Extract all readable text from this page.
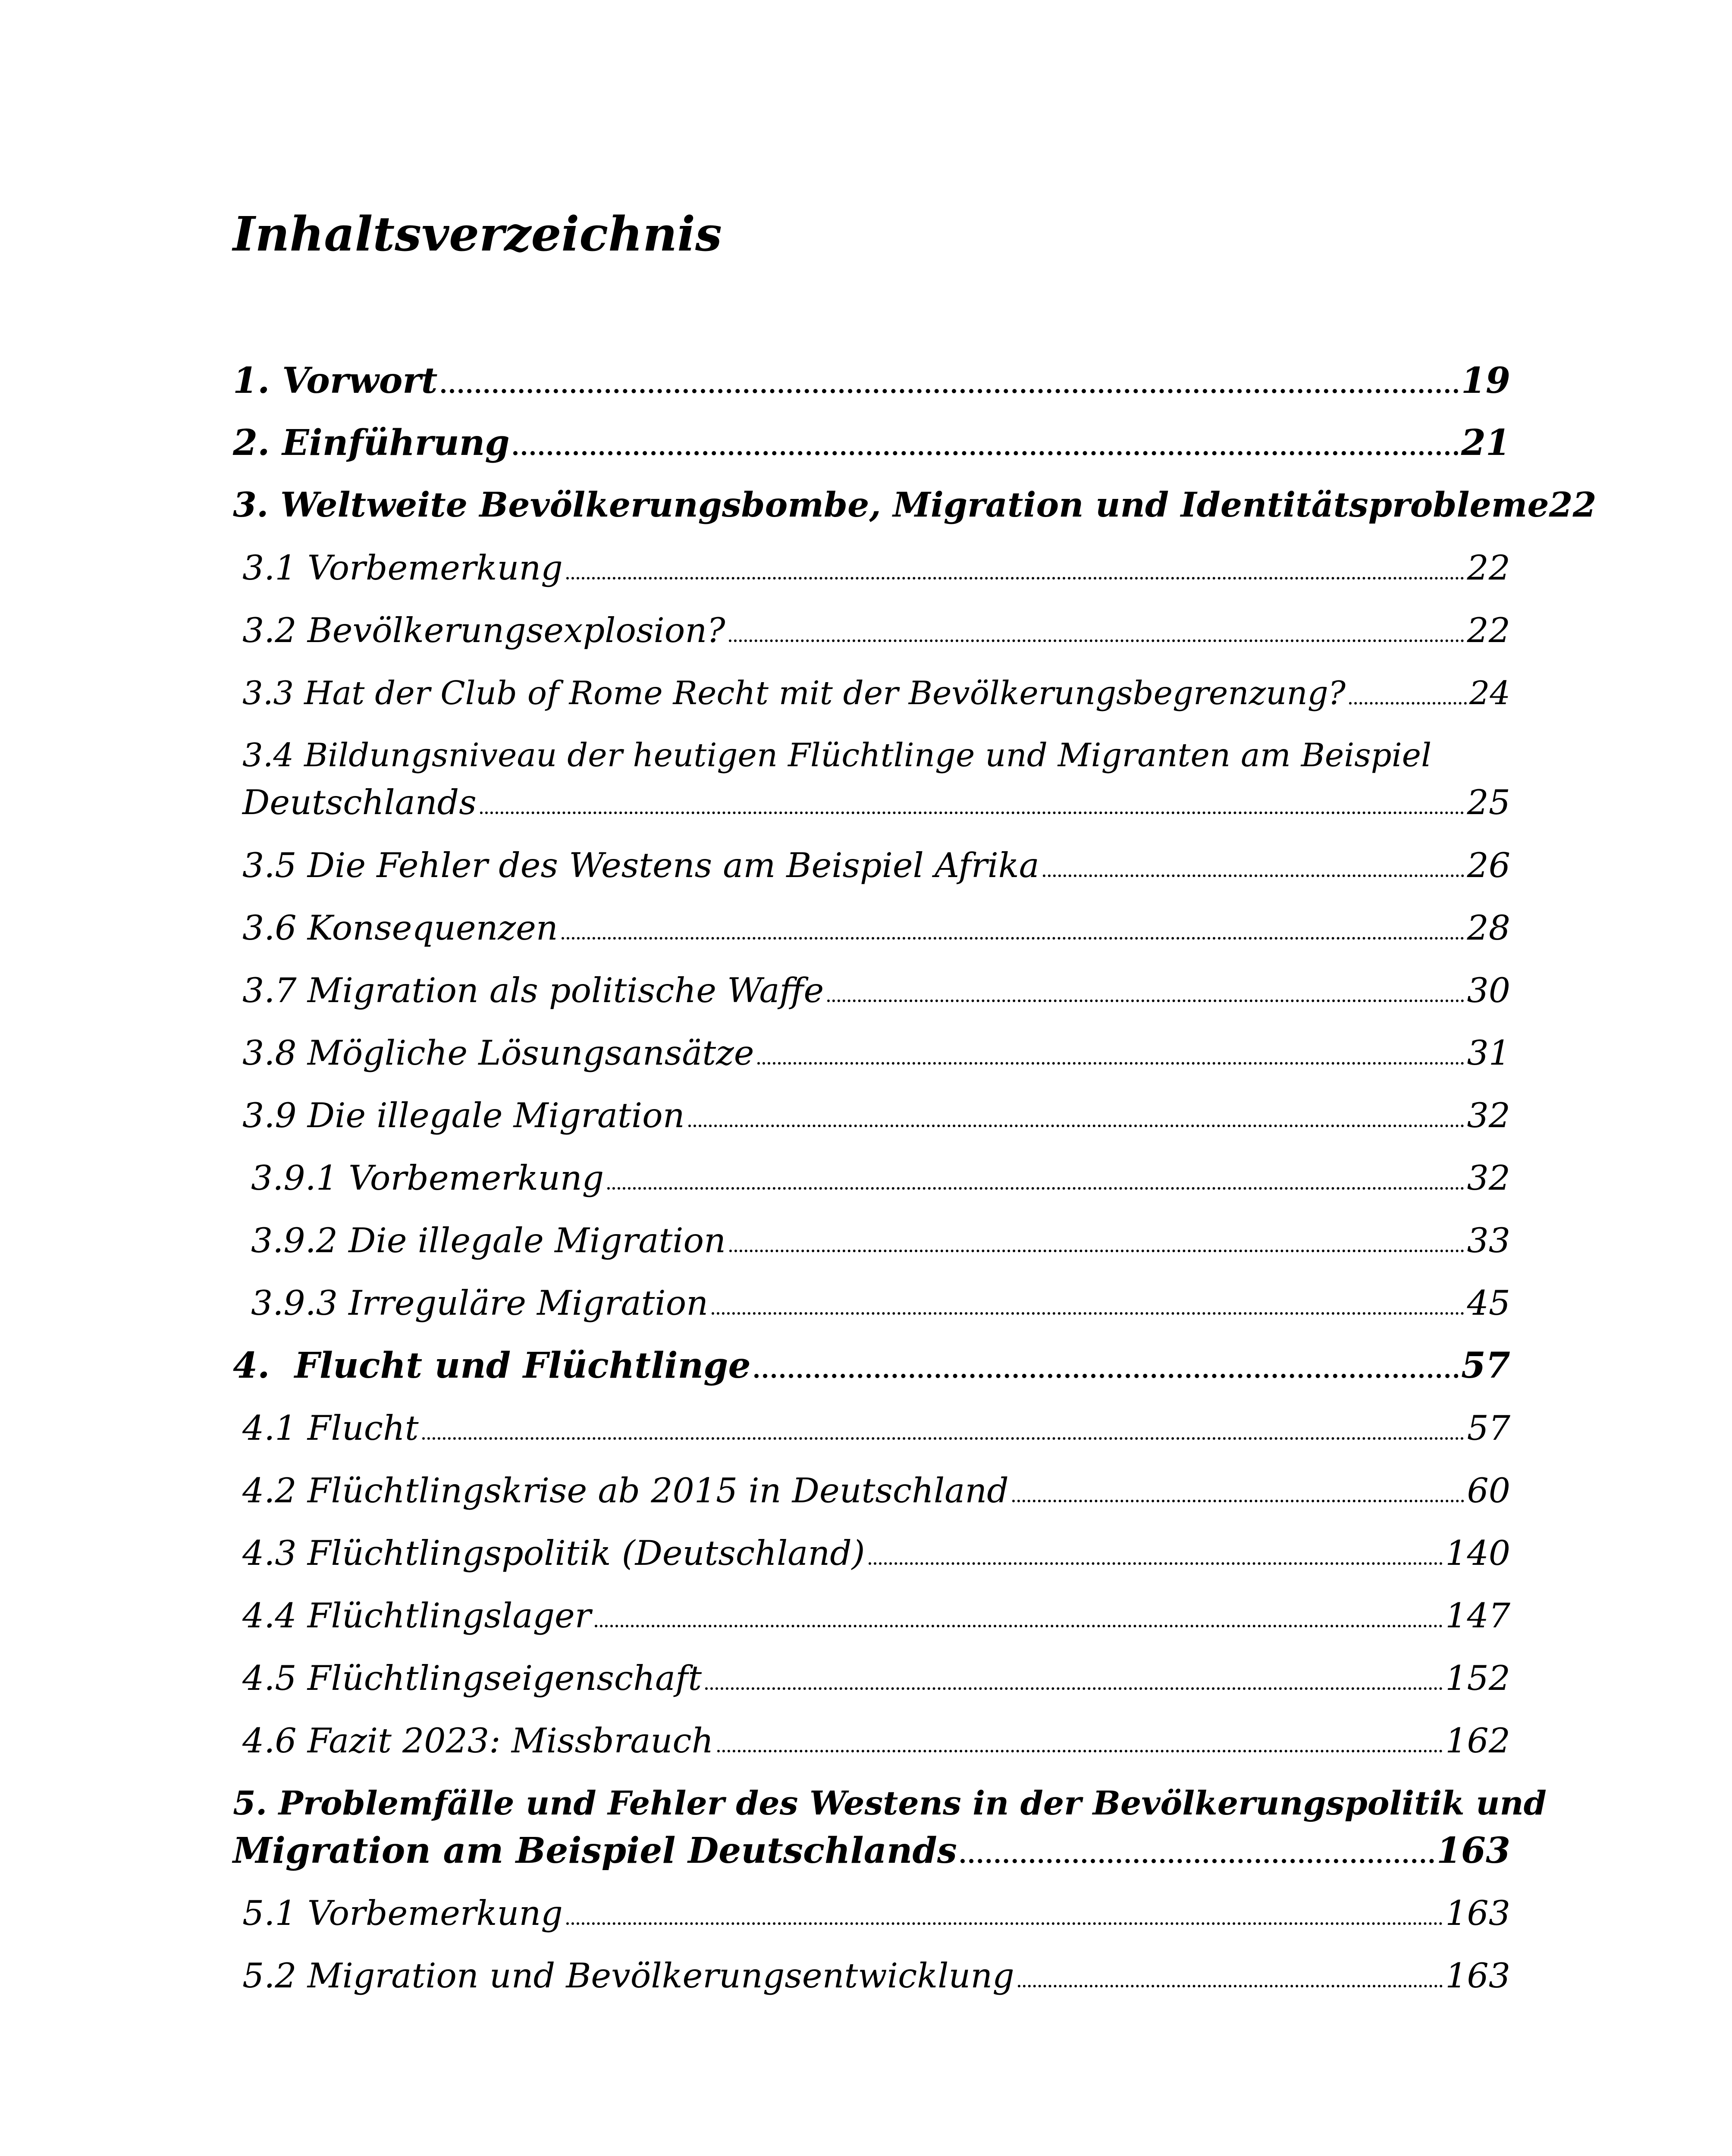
Inhaltsverzeichnis
1. Vorwort	19
2. Einführung	21
3. Weltweite Bevölkerungsbombe, Migration und Identitätsprobleme 22
3.1 Vorbemerkung	22
3.2 Bevölkerungsexplosion?	22
3.3 Hat der Club of Rome Recht mit der Bevölkerungsbegrenzung?	24
3.4 Bildungsniveau der heutigen Flüchtlinge und Migranten am Beispiel
Deutschlands	25
3.5 Die Fehler des Westens am Beispiel Afrika	26
3.6 Konsequenzen	28
3.7 Migration als politische Waffe	30
3.8 Mögliche Lösungsansätze	31
3.9 Die illegale Migration	32
3.9.1 Vorbemerkung	32
3.9.2 Die illegale Migration	33
3.9.3 Irreguläre Migration	45
4.  Flucht und Flüchtlinge	57
4.1 Flucht	57
4.2 Flüchtlingskrise ab 2015 in Deutschland	60
4.3 Flüchtlingspolitik (Deutschland)	140
4.4 Flüchtlingslager	147
4.5 Flüchtlingseigenschaft	152
4.6 Fazit 2023: Missbrauch	162
5. Problemfälle und Fehler des Westens in der Bevölkerungspolitik und
Migration am Beispiel Deutschlands	163
5.1 Vorbemerkung	163
5.2 Migration und Bevölkerungsentwicklung	163
